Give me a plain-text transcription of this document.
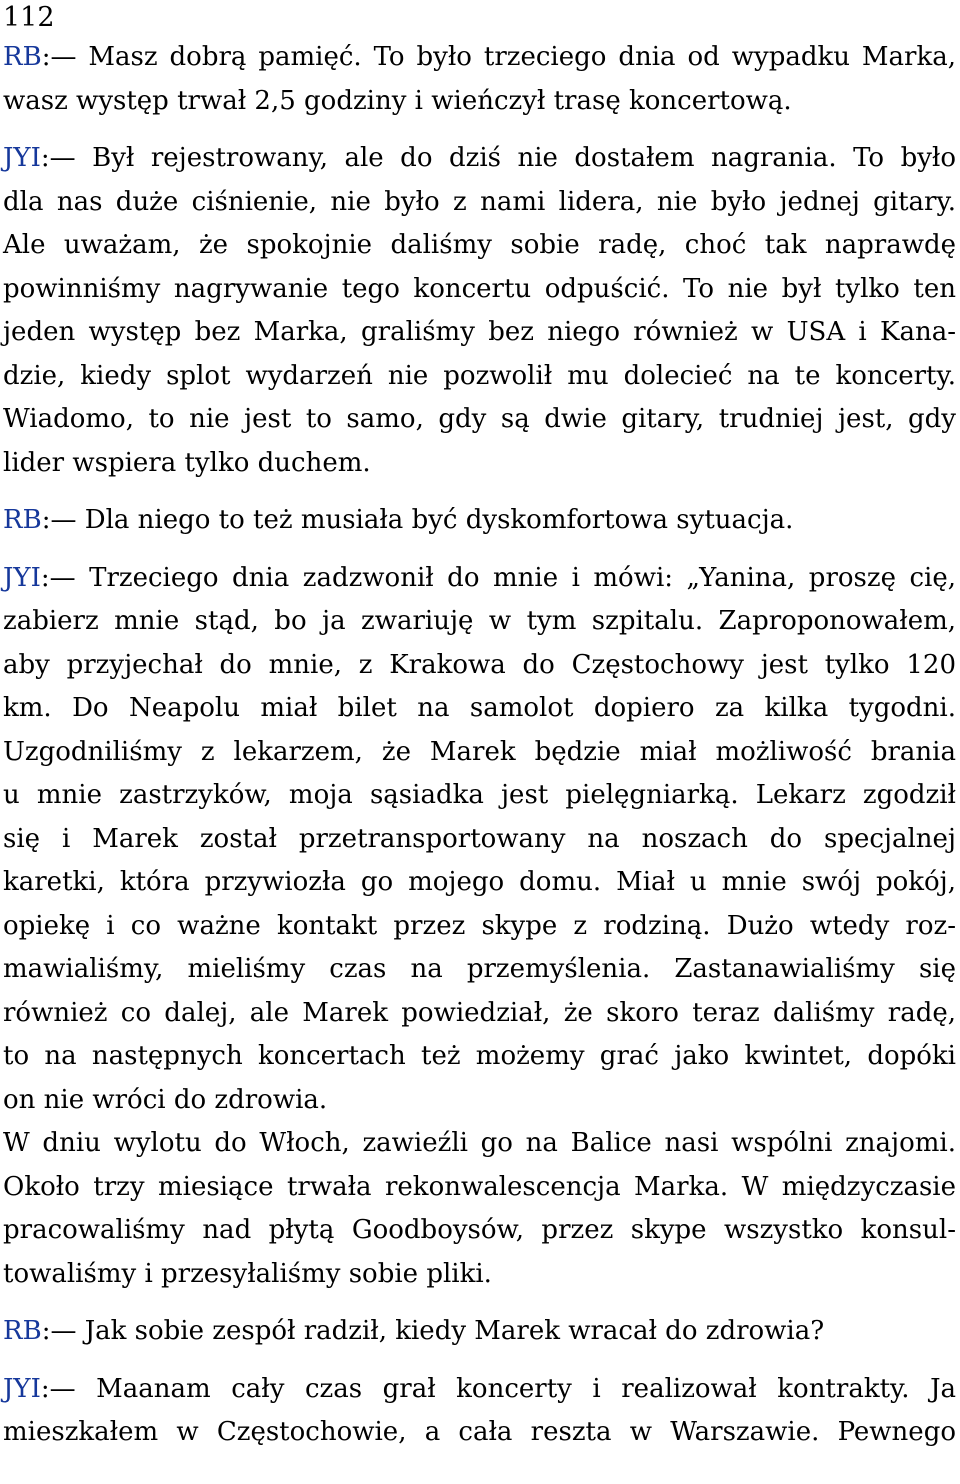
112
RB:— Masz dobrą pamięć. To było trzeciego dnia od wypadku Marka,
wasz występ trwał 2,5 godziny i wieńczył trasę koncertową.
JYI:— Był rejestrowany, ale do dziś nie dostałem nagrania. To było
dla nas duże ciśnienie, nie było z nami lidera, nie było jednej gitary.
Ale uważam, że spokojnie daliśmy sobie radę, choć tak naprawdę
powinniśmy nagrywanie tego koncertu odpuścić. To nie był tylko ten
jeden występ bez Marka, graliśmy bez niego również w USA i Kana-
dzie, kiedy splot wydarzeń nie pozwolił mu dolecieć na te koncerty.
Wiadomo, to nie jest to samo, gdy są dwie gitary, trudniej jest, gdy
lider wspiera tylko duchem.
RB:— Dla niego to też musiała być dyskomfortowa sytuacja.
JYI:— Trzeciego dnia zadzwonił do mnie i mówi: „Yanina, proszę cię,
zabierz mnie stąd, bo ja zwariuję w tym szpitalu. Zaproponowałem,
aby przyjechał do mnie, z Krakowa do Częstochowy jest tylko 120
km. Do Neapolu miał bilet na samolot dopiero za kilka tygodni.
Uzgodniliśmy z lekarzem, że Marek będzie miał możliwość brania
u mnie zastrzyków, moja sąsiadka jest pielęgniarką. Lekarz zgodził
się i Marek został przetransportowany na noszach do specjalnej
karetki, która przywiozła go mojego domu. Miał u mnie swój pokój,
opiekę i co ważne kontakt przez skype z rodziną. Dużo wtedy roz-
mawialiśmy, mieliśmy czas na przemyślenia. Zastanawialiśmy się
również co dalej, ale Marek powiedział, że skoro teraz daliśmy radę,
to na następnych koncertach też możemy grać jako kwintet, dopóki
on nie wróci do zdrowia.
W dniu wylotu do Włoch, zawieźli go na Balice nasi wspólni znajomi.
Około trzy miesiące trwała rekonwalescencja Marka. W międzyczasie
pracowaliśmy nad płytą Goodboysów, przez skype wszystko konsul-
towaliśmy i przesyłaliśmy sobie pliki.
RB:— Jak sobie zespół radził, kiedy Marek wracał do zdrowia?
JYI:— Maanam cały czas grał koncerty i realizował kontrakty. Ja
mieszkałem w Częstochowie, a cała reszta w Warszawie. Pewnego
